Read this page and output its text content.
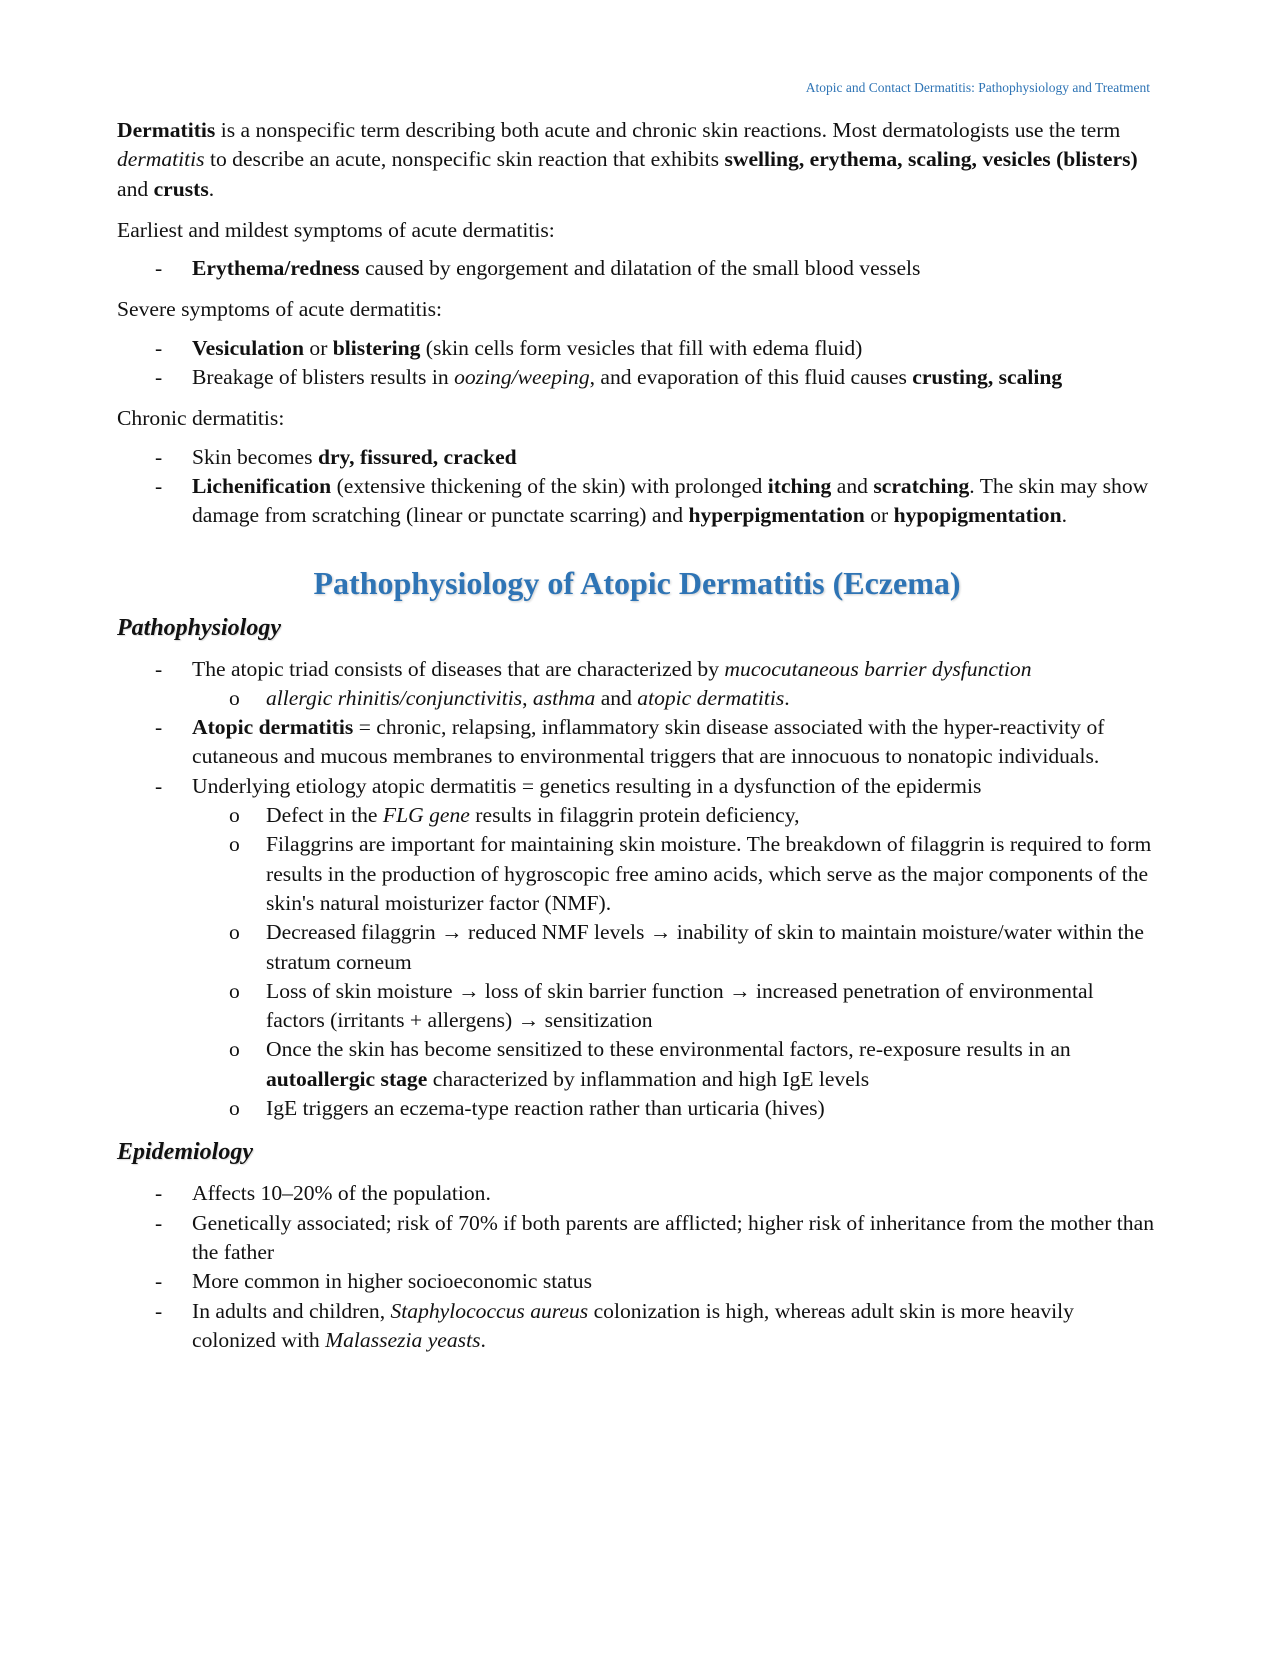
Atopic and Contact Dermatitis: Pathophysiology and Treatment

Dermatitis is a nonspecific term describing both acute and chronic skin reactions. Most dermatologists use the term dermatitis to describe an acute, nonspecific skin reaction that exhibits swelling, erythema, scaling, vesicles (blisters) and crusts.

Earliest and mildest symptoms of acute dermatitis:

- Erythema/redness caused by engorgement and dilatation of the small blood vessels

Severe symptoms of acute dermatitis:

- Vesiculation or blistering (skin cells form vesicles that fill with edema fluid)
- Breakage of blisters results in oozing/weeping, and evaporation of this fluid causes crusting, scaling

Chronic dermatitis:

- Skin becomes dry, fissured, cracked
- Lichenification (extensive thickening of the skin) with prolonged itching and scratching. The skin may show damage from scratching (linear or punctate scarring) and hyperpigmentation or hypopigmentation.
Pathophysiology of Atopic Dermatitis (Eczema)
Pathophysiology
- The atopic triad consists of diseases that are characterized by mucocutaneous barrier dysfunction
o allergic rhinitis/conjunctivitis, asthma and atopic dermatitis.
- Atopic dermatitis = chronic, relapsing, inflammatory skin disease associated with the hyper-reactivity of cutaneous and mucous membranes to environmental triggers that are innocuous to nonatopic individuals.
- Underlying etiology atopic dermatitis = genetics resulting in a dysfunction of the epidermis
o Defect in the FLG gene results in filaggrin protein deficiency,
o Filaggrins are important for maintaining skin moisture. The breakdown of filaggrin is required to form results in the production of hygroscopic free amino acids, which serve as the major components of the skin's natural moisturizer factor (NMF).
o Decreased filaggrin → reduced NMF levels → inability of skin to maintain moisture/water within the stratum corneum
o Loss of skin moisture → loss of skin barrier function → increased penetration of environmental factors (irritants + allergens) → sensitization
o Once the skin has become sensitized to these environmental factors, re-exposure results in an autoallergic stage characterized by inflammation and high IgE levels
o IgE triggers an eczema-type reaction rather than urticaria (hives)
Epidemiology
- Affects 10–20% of the population.
- Genetically associated; risk of 70% if both parents are afflicted; higher risk of inheritance from the mother than the father
- More common in higher socioeconomic status
- In adults and children, Staphylococcus aureus colonization is high, whereas adult skin is more heavily colonized with Malassezia yeasts.
